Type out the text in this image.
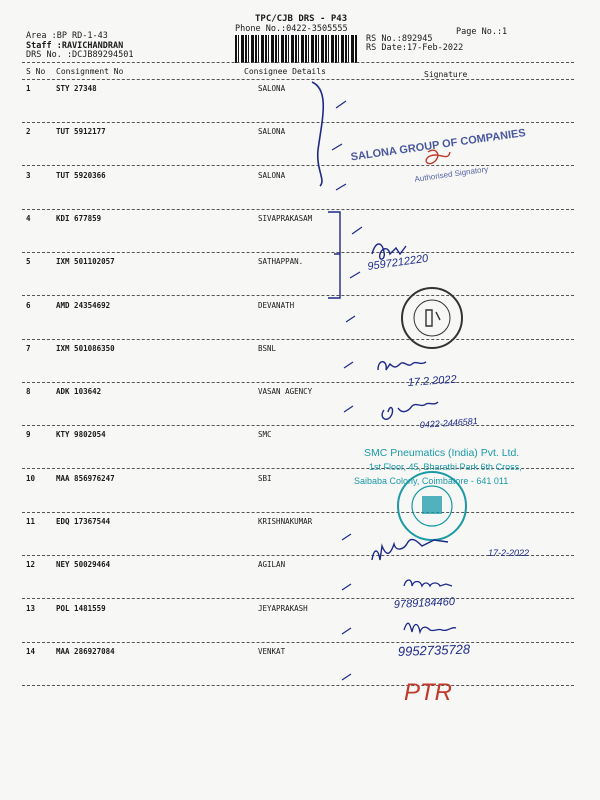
TPC/CJB DRS - P43
Phone No.:0422-3505555	Page No.:1
Area :BP RD-1-43
Staff :RAVICHANDRAN
DRS No. :DCJB89294501
RS No.:892945
RS Date:17-Feb-2022
S No Consignment No	Consignee Details	Signature
1	STY 27348	SALONA
2	TUT 5912177	SALONA
3	TUT 5920366	SALONA
4	KDI 677859	SIVAPRAKASAM
5	IXM 501102057	SATHAPPAN.
6	AMD 24354692	DEVANATH
7	IXM 501086350	BSNL
8	ADK 103642	VASAN AGENCY
9	KTY 9802054	SMC
10	MAA 856976247	SBI
11	EDQ 17367544	KRISHNAKUMAR
12	NEY 50029464	AGILAN
13	POL 1481559	JEYAPRAKASH
14	MAA 286927084	VENKAT
SALONA GROUP OF COMPANIES
Authorised Signatory
9597212220
17.2.2022
0422-2446581
SMC Pneumatics (India) Pvt. Ltd.
1st Floor, 45, Bharathi Park 6th Cross,
Saibaba Colony, Coimbatore - 641 011
17-2-2022
9789184460
9952735728
PTR
